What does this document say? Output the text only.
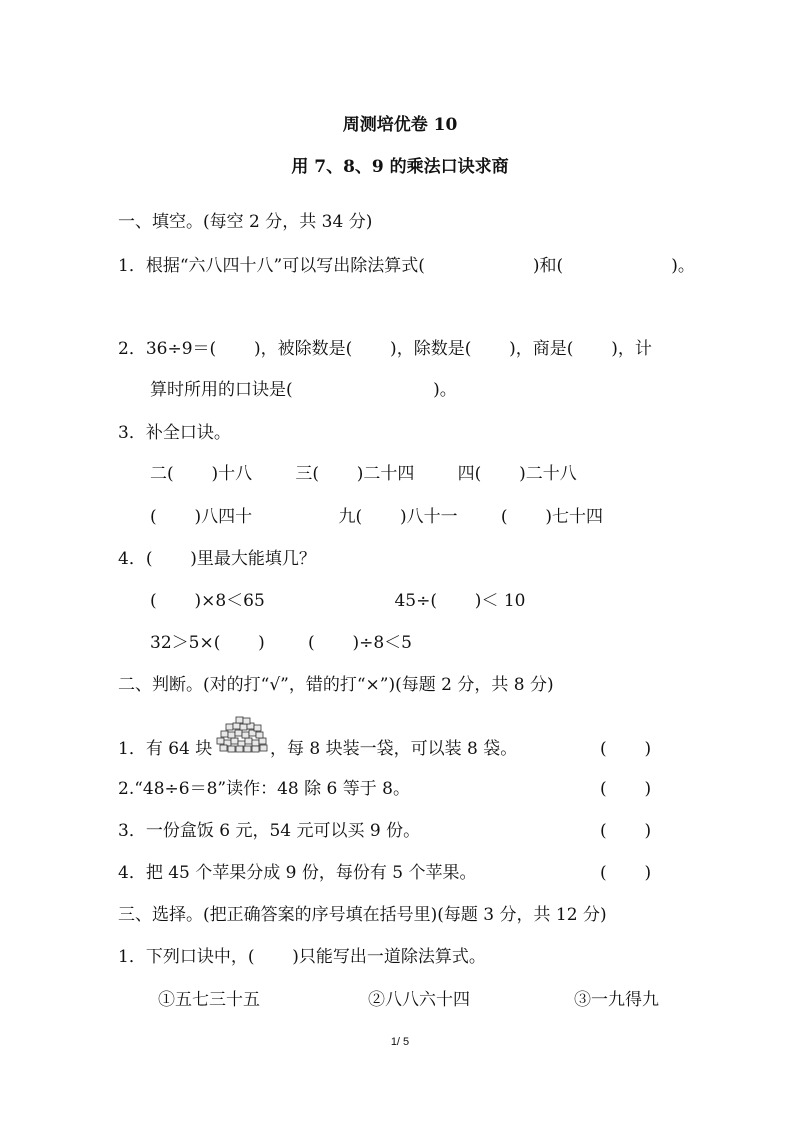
周测培优卷 10
用 7、8、9 的乘法口诀求商
一、填空。(每空 2 分，共 34 分)
1．根据“六八四十八”可以写出除法算式(                    )和(                    )。
2．36÷9＝(       )，被除数是(       )，除数是(       )，商是(       )，计
算时所用的口诀是(                          )。
3．补全口诀。
二(       )十八        三(       )二十四        四(       )二十八
(       )八四十                九(       )八十一        (       )七十四
4．(       )里最大能填几？
(       )×8＜65                        45÷(       )＜ 10
32＞5×(       )        (       )÷8＜5
二、判断。(对的打“√”，错的打“×”)(每题 2 分，共 8 分)
1．有 64 块	，每 8 块装一袋，可以装 8 袋。	(       )
2.“48÷6＝8”读作：48 除 6 等于 8。	(       )
3．一份盒饭 6 元，54 元可以买 9 份。	(       )
4．把 45 个苹果分成 9 份，每份有 5 个苹果。	(       )
三、选择。(把正确答案的序号填在括号里)(每题 3 分，共 12 分)
1．下列口诀中，(       )只能写出一道除法算式。
①五七三十五	②八八六十四	③一九得九
1/ 5
